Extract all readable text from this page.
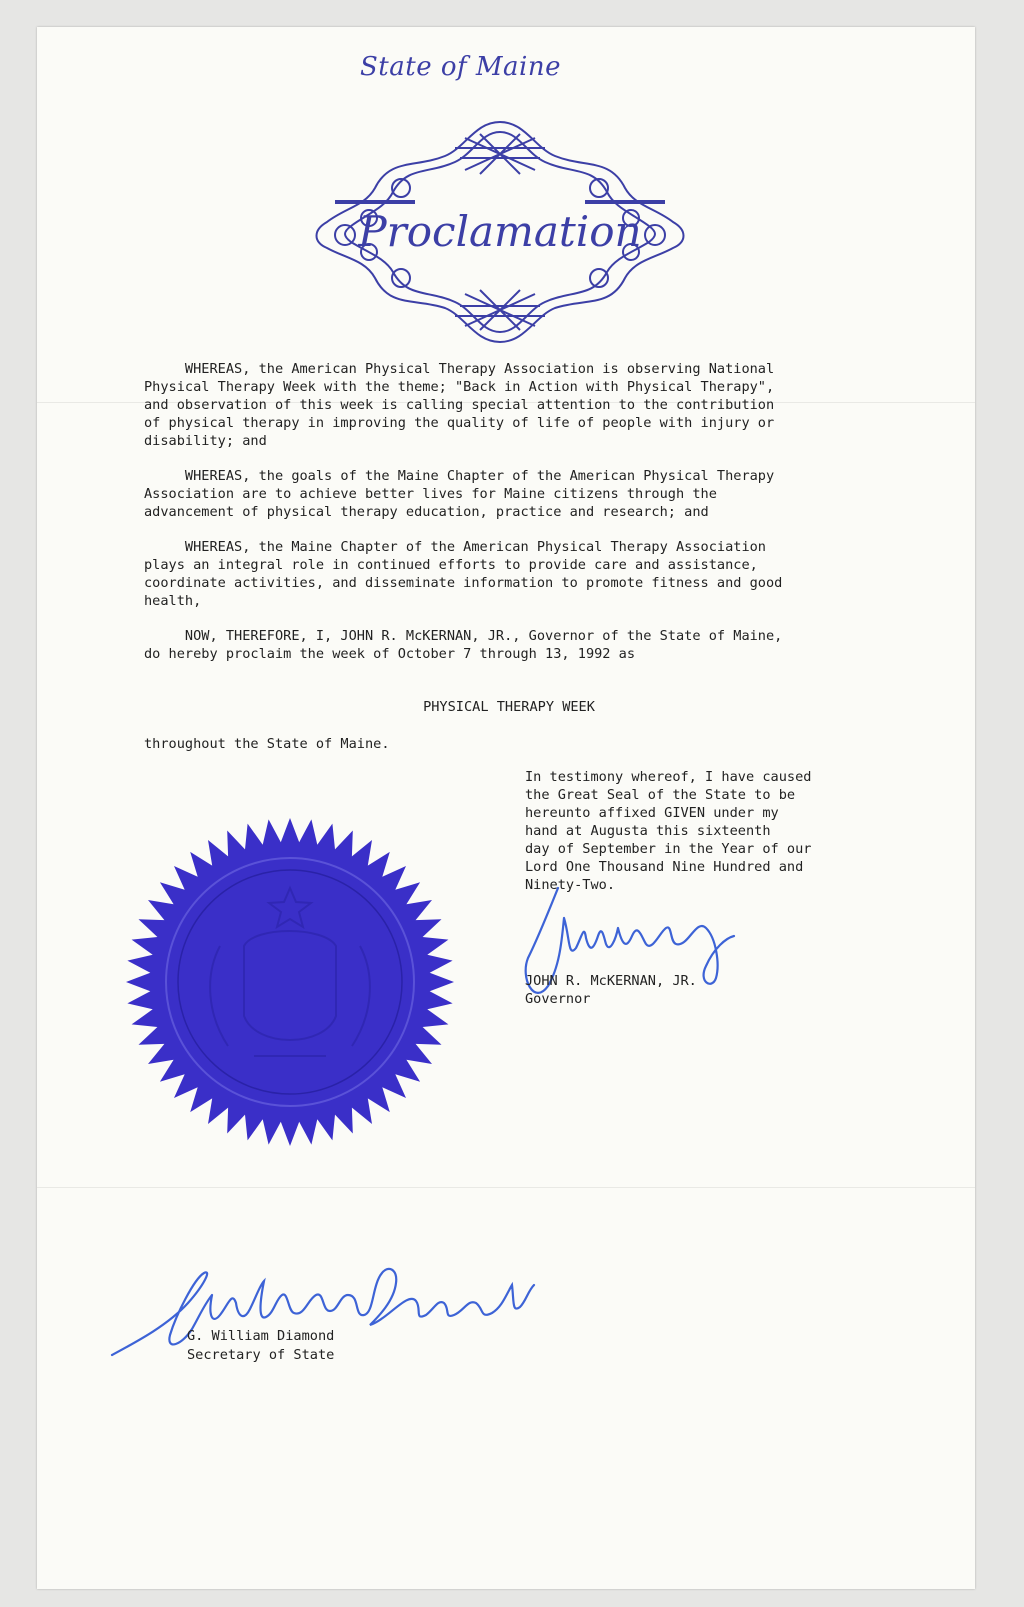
State of Maine
Proclamation
WHEREAS, the American Physical Therapy Association is observing National
Physical Therapy Week with the theme; "Back in Action with Physical Therapy",
and observation of this week is calling special attention to the contribution
of physical therapy in improving the quality of life of people with injury or
disability; and
WHEREAS, the goals of the Maine Chapter of the American Physical Therapy
Association are to achieve better lives for Maine citizens through the
advancement of physical therapy education, practice and research; and
WHEREAS, the Maine Chapter of the American Physical Therapy Association
plays an integral role in continued efforts to provide care and assistance,
coordinate activities, and disseminate information to promote fitness and good
health,
NOW, THEREFORE, I, JOHN R. McKERNAN, JR., Governor of the State of Maine,
do hereby proclaim the week of October 7 through 13, 1992 as
PHYSICAL THERAPY WEEK
throughout the State of Maine.
In testimony whereof, I have caused
the Great Seal of the State to be
hereunto affixed GIVEN under my
hand at Augusta this sixteenth
day of September in the Year of our
Lord One Thousand Nine Hundred and
Ninety-Two.
JOHN R. McKERNAN, JR.
Governor
G. William Diamond
Secretary of State
